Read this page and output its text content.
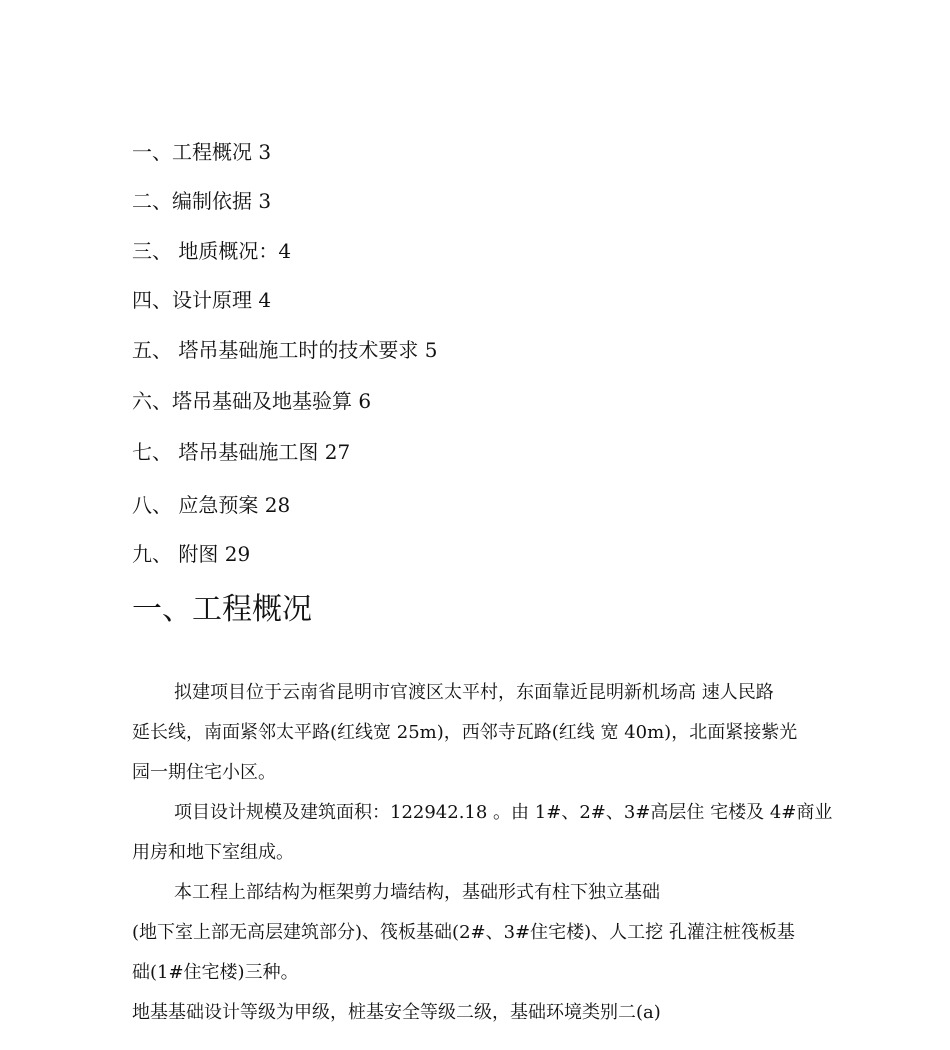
一、工程概况 3
二、编制依据 3
三、 地质概况：4
四、设计原理 4
五、 塔吊基础施工时的技术要求 5
六、塔吊基础及地基验算 6
七、 塔吊基础施工图 27
八、 应急预案 28
九、 附图 29
一、工程概况
拟建项目位于云南省昆明市官渡区太平村，东面靠近昆明新机场高 速人民路
延长线，南面紧邻太平路(红线宽 25m)，西邻寺瓦路(红线 宽 40m)，北面紧接紫光
园一期住宅小区。
项目设计规模及建筑面积：122942.18 。由 1#、2#、3#高层住 宅楼及 4#商业
用房和地下室组成。
本工程上部结构为框架剪力墙结构，基础形式有柱下独立基础
(地下室上部无高层建筑部分)、筏板基础(2#、3#住宅楼)、人工挖 孔灌注桩筏板基
础(1#住宅楼)三种。
地基基础设计等级为甲级，桩基安全等级二级，基础环境类别二(a)
